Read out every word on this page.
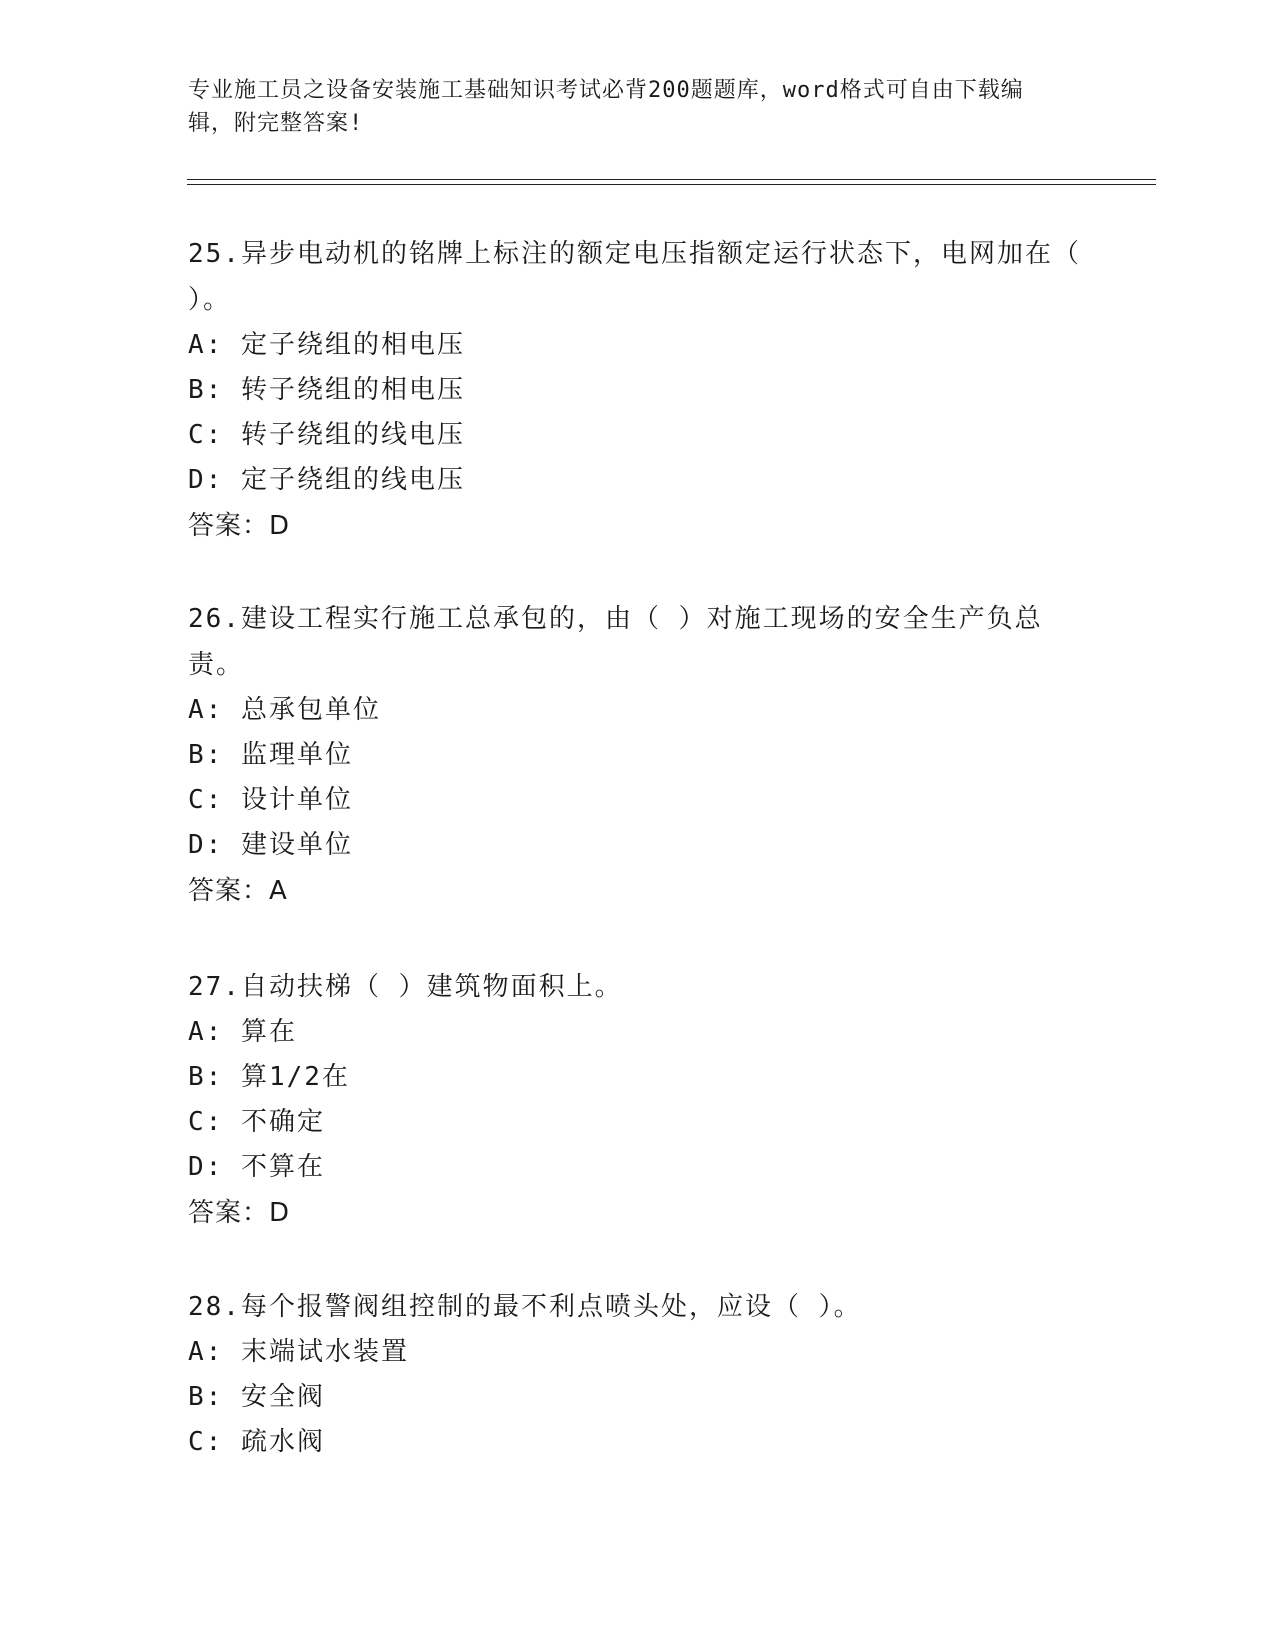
专业施工员之设备安装施工基础知识考试必背200题题库，word格式可自由下载编辑，附完整答案!

25.异步电动机的铭牌上标注的额定电压指额定运行状态下，电网加在（ ）。

A: 定子绕组的相电压

B: 转子绕组的相电压

C: 转子绕组的线电压

D: 定子绕组的线电压

答案：D

26.建设工程实行施工总承包的，由（ ）对施工现场的安全生产负总责。

A: 总承包单位

B: 监理单位

C: 设计单位

D: 建设单位

答案：A

27.自动扶梯（ ）建筑物面积上。

A: 算在

B: 算1/2在

C: 不确定

D: 不算在

答案：D

28.每个报警阀组控制的最不利点喷头处，应设（ ）。

A: 末端试水装置

B: 安全阀

C: 疏水阀
